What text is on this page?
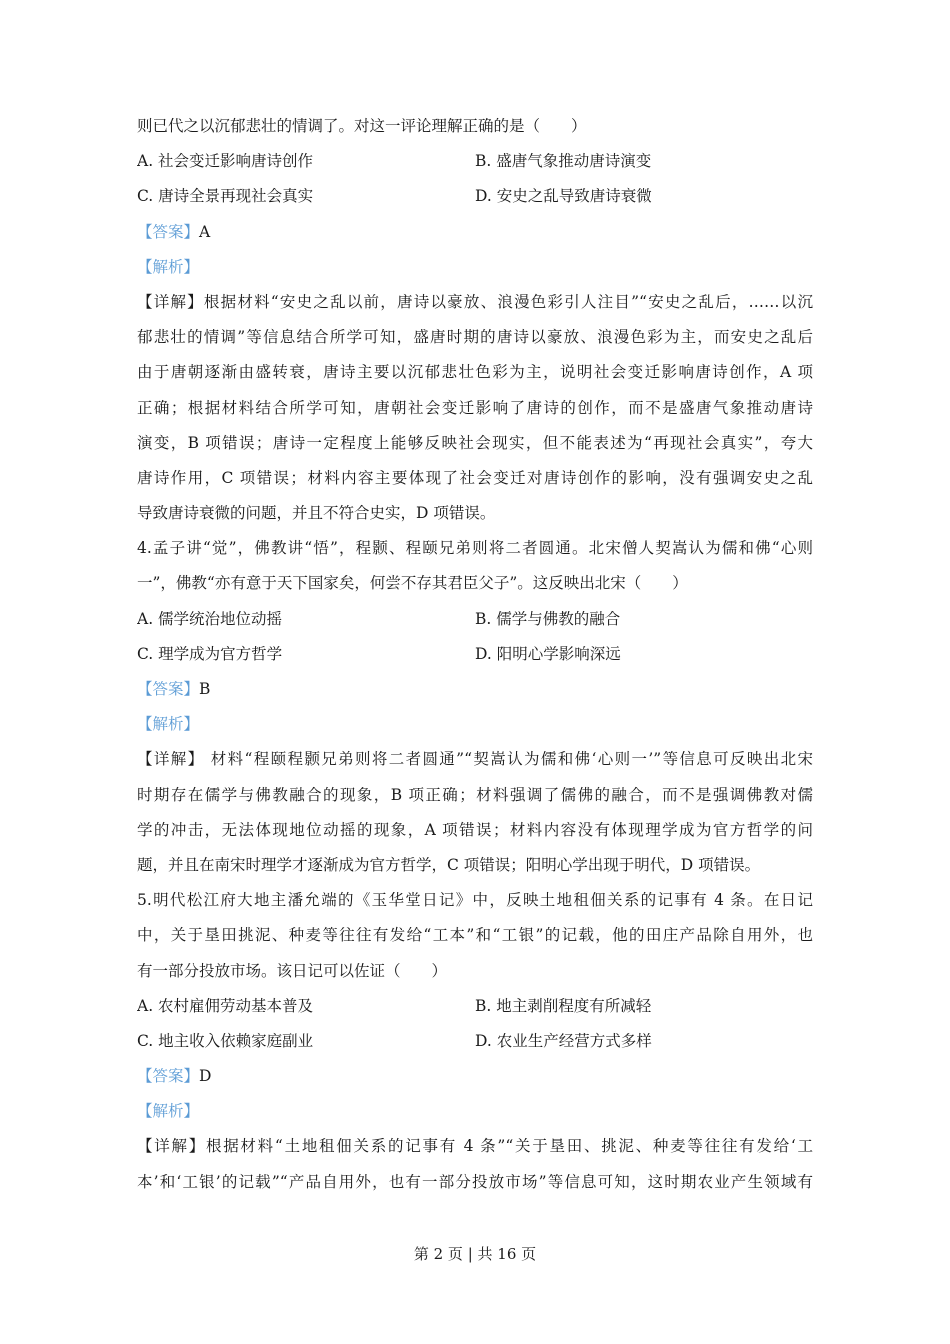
则已代之以沉郁悲壮的情调了。对这一评论理解正确的是（　　）
A. 社会变迁影响唐诗创作	B. 盛唐气象推动唐诗演变
C. 唐诗全景再现社会真实	D. 安史之乱导致唐诗衰微
【答案】A
【解析】
【详解】根据材料“安史之乱以前，唐诗以豪放、浪漫色彩引人注目”“安史之乱后，……以沉
郁悲壮的情调”等信息结合所学可知，盛唐时期的唐诗以豪放、浪漫色彩为主，而安史之乱后
由于唐朝逐渐由盛转衰，唐诗主要以沉郁悲壮色彩为主，说明社会变迁影响唐诗创作，A 项
正确；根据材料结合所学可知，唐朝社会变迁影响了唐诗的创作，而不是盛唐气象推动唐诗
演变，B 项错误；唐诗一定程度上能够反映社会现实，但不能表述为“再现社会真实”，夸大
唐诗作用，C 项错误；材料内容主要体现了社会变迁对唐诗创作的影响，没有强调安史之乱
导致唐诗衰微的问题，并且不符合史实，D 项错误。
4.孟子讲“觉”，佛教讲“悟”，程颢、程颐兄弟则将二者圆通。北宋僧人契嵩认为儒和佛“心则
一”，佛教“亦有意于天下国家矣，何尝不存其君臣父子”。这反映出北宋（　　）
A. 儒学统治地位动摇	B. 儒学与佛教的融合
C. 理学成为官方哲学	D. 阳明心学影响深远
【答案】B
【解析】
【详解】 材料“程颐程颢兄弟则将二者圆通”“契嵩认为儒和佛‘心则一’”等信息可反映出北宋
时期存在儒学与佛教融合的现象，B 项正确；材料强调了儒佛的融合，而不是强调佛教对儒
学的冲击，无法体现地位动摇的现象，A 项错误；材料内容没有体现理学成为官方哲学的问
题，并且在南宋时理学才逐渐成为官方哲学，C 项错误；阳明心学出现于明代，D 项错误。
5.明代松江府大地主潘允端的《玉华堂日记》中，反映土地租佃关系的记事有 4 条。在日记
中，关于垦田挑泥、种麦等往往有发给“工本”和“工银”的记载，他的田庄产品除自用外，也
有一部分投放市场。该日记可以佐证（　　）
A. 农村雇佣劳动基本普及	B. 地主剥削程度有所减轻
C. 地主收入依赖家庭副业	D. 农业生产经营方式多样
【答案】D
【解析】
【详解】根据材料“土地租佃关系的记事有 4 条”“关于垦田、挑泥、种麦等往往有发给‘工
本’和‘工银’的记载”“产品自用外，也有一部分投放市场”等信息可知，这时期农业产生领域有
第 2 页 | 共 16 页
